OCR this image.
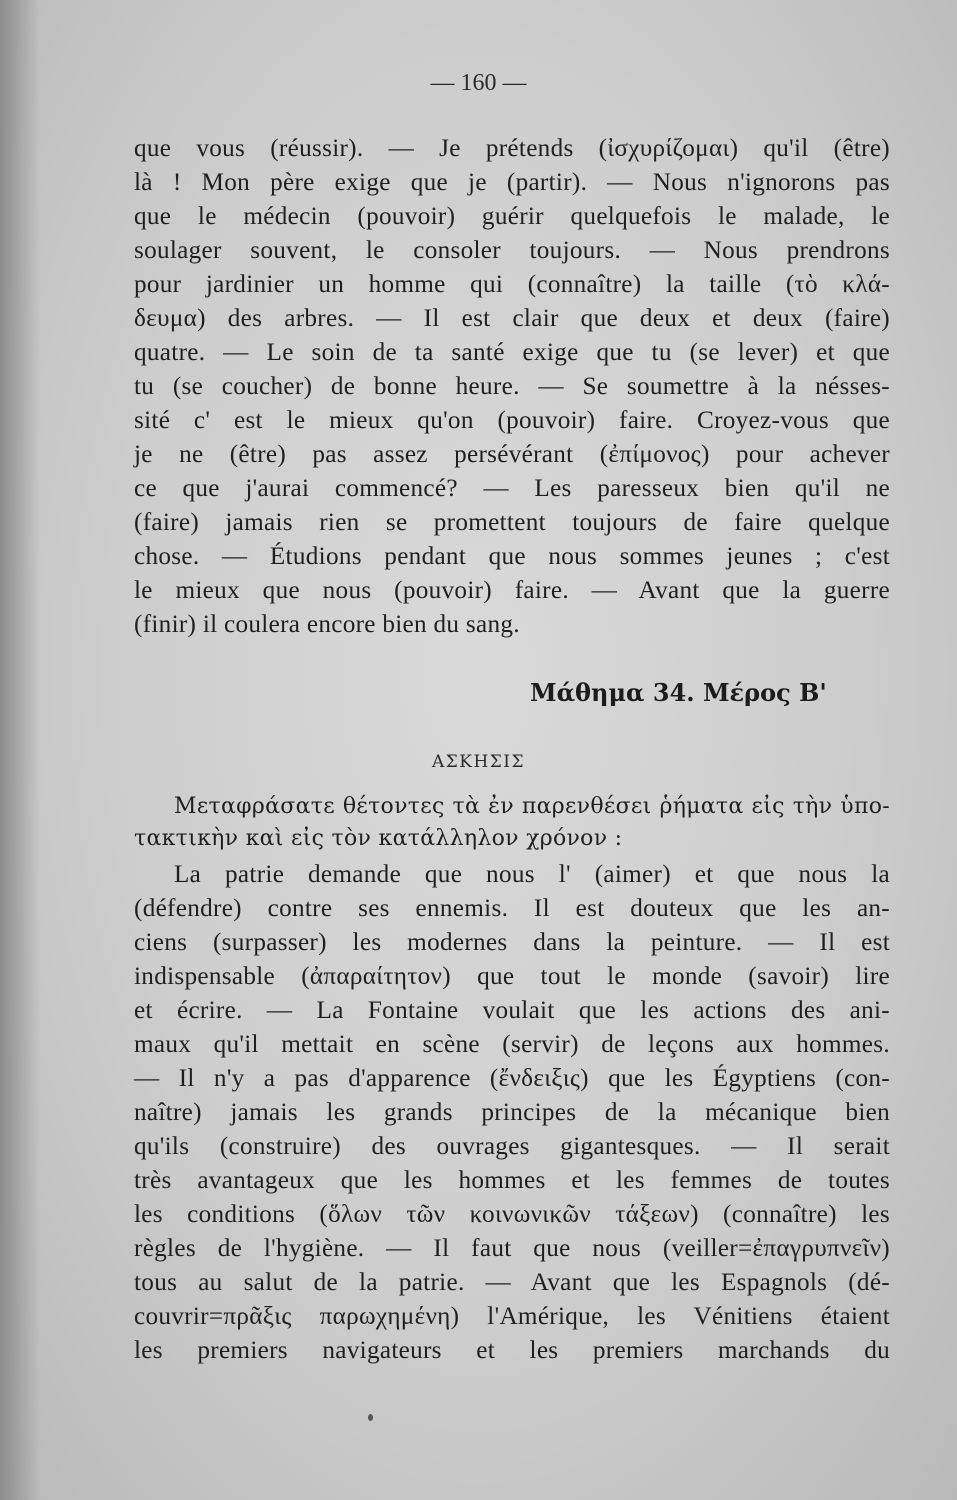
— 160 —
que vous (réussir). — Je prétends (ἰσχυρίζομαι) qu'il (être)
là ! Mon père exige que je (partir). — Nous n'ignorons pas
que le médecin (pouvoir) guérir quelquefois le malade, le
soulager souvent, le consoler toujours. — Nous prendrons
pour jardinier un homme qui (connaître) la taille (τὸ κλά-
δευμα) des arbres. — Il est clair que deux et deux (faire)
quatre. — Le soin de ta santé exige que tu (se lever) et que
tu (se coucher) de bonne heure. — Se soumettre à la nésses-
sité c' est le mieux qu'on (pouvoir) faire. Croyez-vous que
je ne (être) pas assez persévérant (ἐπίμονος) pour achever
ce que j'aurai commencé? — Les paresseux bien qu'il ne
(faire) jamais rien se promettent toujours de faire quelque
chose. — Étudions pendant que nous sommes jeunes ; c'est
le mieux que nous (pouvoir) faire. — Avant que la guerre
(finir) il coulera encore bien du sang.
Μεταφράσατε θέτοντες τὰ ἐν παρενθέσει ῥήματα εἰς τὴν ὑπο-
τακτικὴν καὶ εἰς τὸν κατάλληλον χρόνον :
La patrie demande que nous l' (aimer) et que nous la
(défendre) contre ses ennemis. Il est douteux que les an-
ciens (surpasser) les modernes dans la peinture. — Il est
indispensable (ἀπαραίτητον) que tout le monde (savoir) lire
et écrire. — La Fontaine voulait que les actions des ani-
maux qu'il mettait en scène (servir) de leçons aux hommes.
— Il n'y a pas d'apparence (ἔνδειξις) que les Égyptiens (con-
naître) jamais les grands principes de la mécanique bien
qu'ils (construire) des ouvrages gigantesques. — Il serait
très avantageux que les hommes et les femmes de toutes
les conditions (ὅλων τῶν κοινωνικῶν τάξεων) (connaître) les
règles de l'hygiène. — Il faut que nous (veiller=ἐπαγρυπνεῖν)
tous au salut de la patrie. — Avant que les Espagnols (dé-
couvrir=πρᾶξις παρωχημένη) l'Amérique, les Vénitiens étaient
les premiers navigateurs et les premiers marchands du
Μάθημα 34. Μέρος Β'
ΑΣΚΗΣΙΣ
